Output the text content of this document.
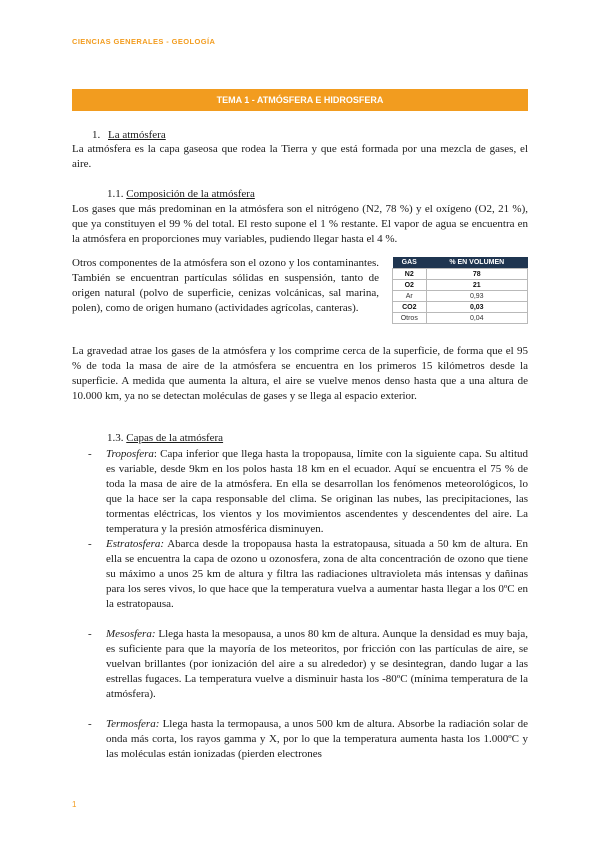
CIENCIAS GENERALES - GEOLOGÍA
TEMA 1 - ATMÓSFERA E HIDROSFERA
1. La atmósfera

La atmósfera es la capa gaseosa que rodea la Tierra y que está formada por una mezcla de gases, el aire.

1.1. Composición de la atmósfera

Los gases que más predominan en la atmósfera son el nitrógeno (N2, 78 %) y el oxígeno (O2, 21 %), que ya constituyen el 99 % del total. El resto supone el 1 % restante. El vapor de agua se encuentra en la atmósfera en proporciones muy variables, pudiendo llegar hasta el 4 %.

Otros componentes de la atmósfera son el ozono y los contaminantes. También se encuentran partículas sólidas en suspensión, tanto de origen natural (polvo de superficie, cenizas volcánicas, sal marina, polen), como de origen humano (actividades agrícolas, canteras).

GAS	% EN VOLUMEN
N2	78
O2	21
Ar	0,93
CO2	0,03
Otros	0,04

La gravedad atrae los gases de la atmósfera y los comprime cerca de la superficie, de forma que el 95 % de toda la masa de aire de la atmósfera se encuentra en los primeros 15 kilómetros desde la superficie. A medida que aumenta la altura, el aire se vuelve menos denso hasta que a una altura de 10.000 km, ya no se detectan moléculas de gases y se llega al espacio exterior.

1.3. Capas de la atmósfera
- Troposfera: Capa inferior que llega hasta la tropopausa, límite con la siguiente capa. Su altitud es variable, desde 9km en los polos hasta 18 km en el ecuador. Aquí se encuentra el 75 % de toda la masa de aire de la atmósfera. En ella se desarrollan los fenómenos meteorológicos, lo que la hace ser la capa responsable del clima. Se originan las nubes, las precipitaciones, las tormentas eléctricas, los vientos y los movimientos ascendentes y descendentes del aire. La temperatura y la presión atmosférica disminuyen.
- Estratosfera: Abarca desde la tropopausa hasta la estratopausa, situada a 50 km de altura. En ella se encuentra la capa de ozono u ozonosfera, zona de alta concentración de ozono que tiene su máximo a unos 25 km de altura y filtra las radiaciones ultravioleta más intensas y dañinas para los seres vivos, lo que hace que la temperatura vuelva a aumentar hasta llegar a los 0ºC en la estratopausa.
- Mesosfera: Llega hasta la mesopausa, a unos 80 km de altura. Aunque la densidad es muy baja, es suficiente para que la mayoría de los meteoritos, por fricción con las partículas de aire, se vuelvan brillantes (por ionización del aire a su alrededor) y se desintegran, dando lugar a las estrellas fugaces. La temperatura vuelve a disminuir hasta los -80ºC (mínima temperatura de la atmósfera).
- Termosfera: Llega hasta la termopausa, a unos 500 km de altura. Absorbe la radiación solar de onda más corta, los rayos gamma y X, por lo que la temperatura aumenta hasta los 1.000ºC y las moléculas están ionizadas (pierden electrones
1
